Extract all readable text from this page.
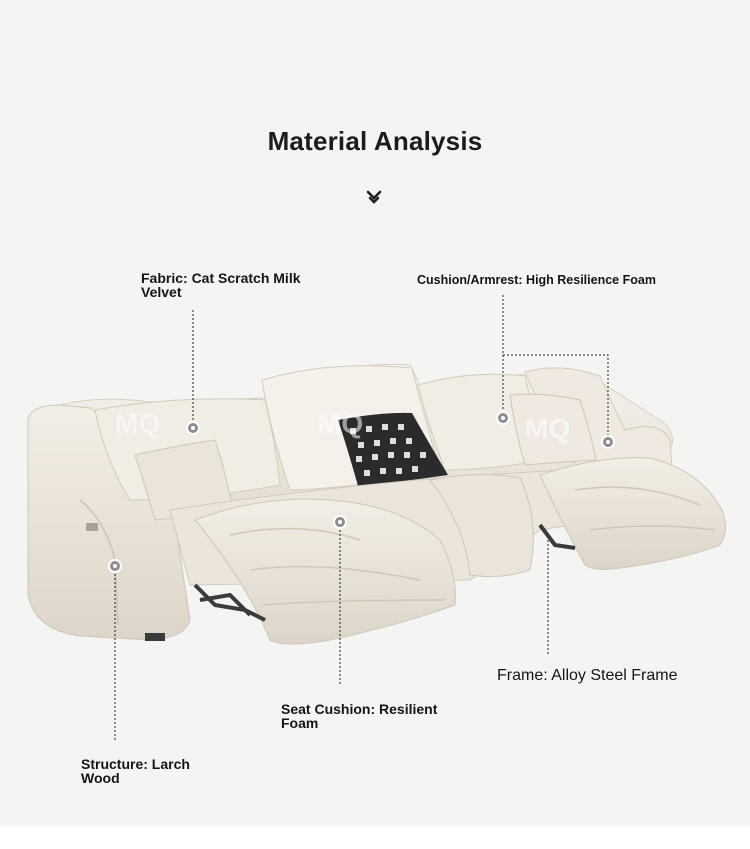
Material Analysis
MQ	MQ	MQ
Fabric: Cat Scratch Milk Velvet
Cushion/Armrest: High Resilience Foam
Frame: Alloy Steel Frame
Seat Cushion: Resilient Foam
Structure: Larch Wood
